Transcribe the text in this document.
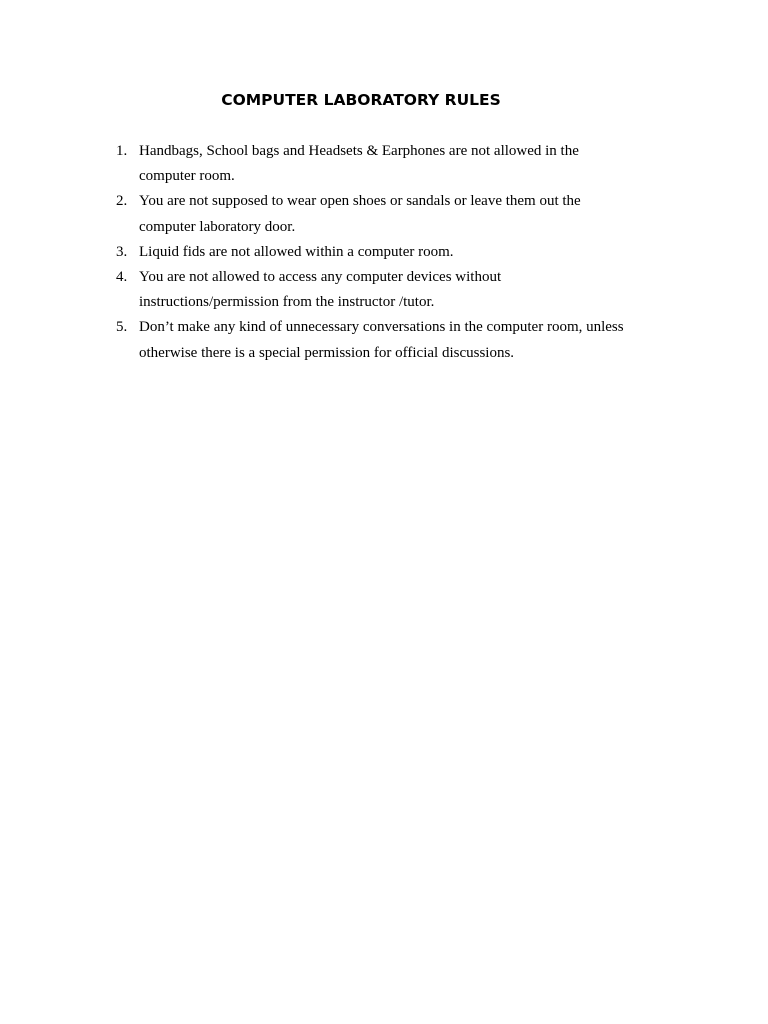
COMPUTER LABORATORY RULES
1. Handbags, School bags and Headsets & Earphones are not allowed in the computer room.
2. You are not supposed to wear open shoes or sandals or leave them out the computer laboratory door.
3. Liquid fids are not allowed within a computer room.
4. You are not allowed to access any computer devices without instructions/permission from the instructor /tutor.
5. Don’t make any kind of unnecessary conversations in the computer room, unless otherwise there is a special permission for official discussions.
